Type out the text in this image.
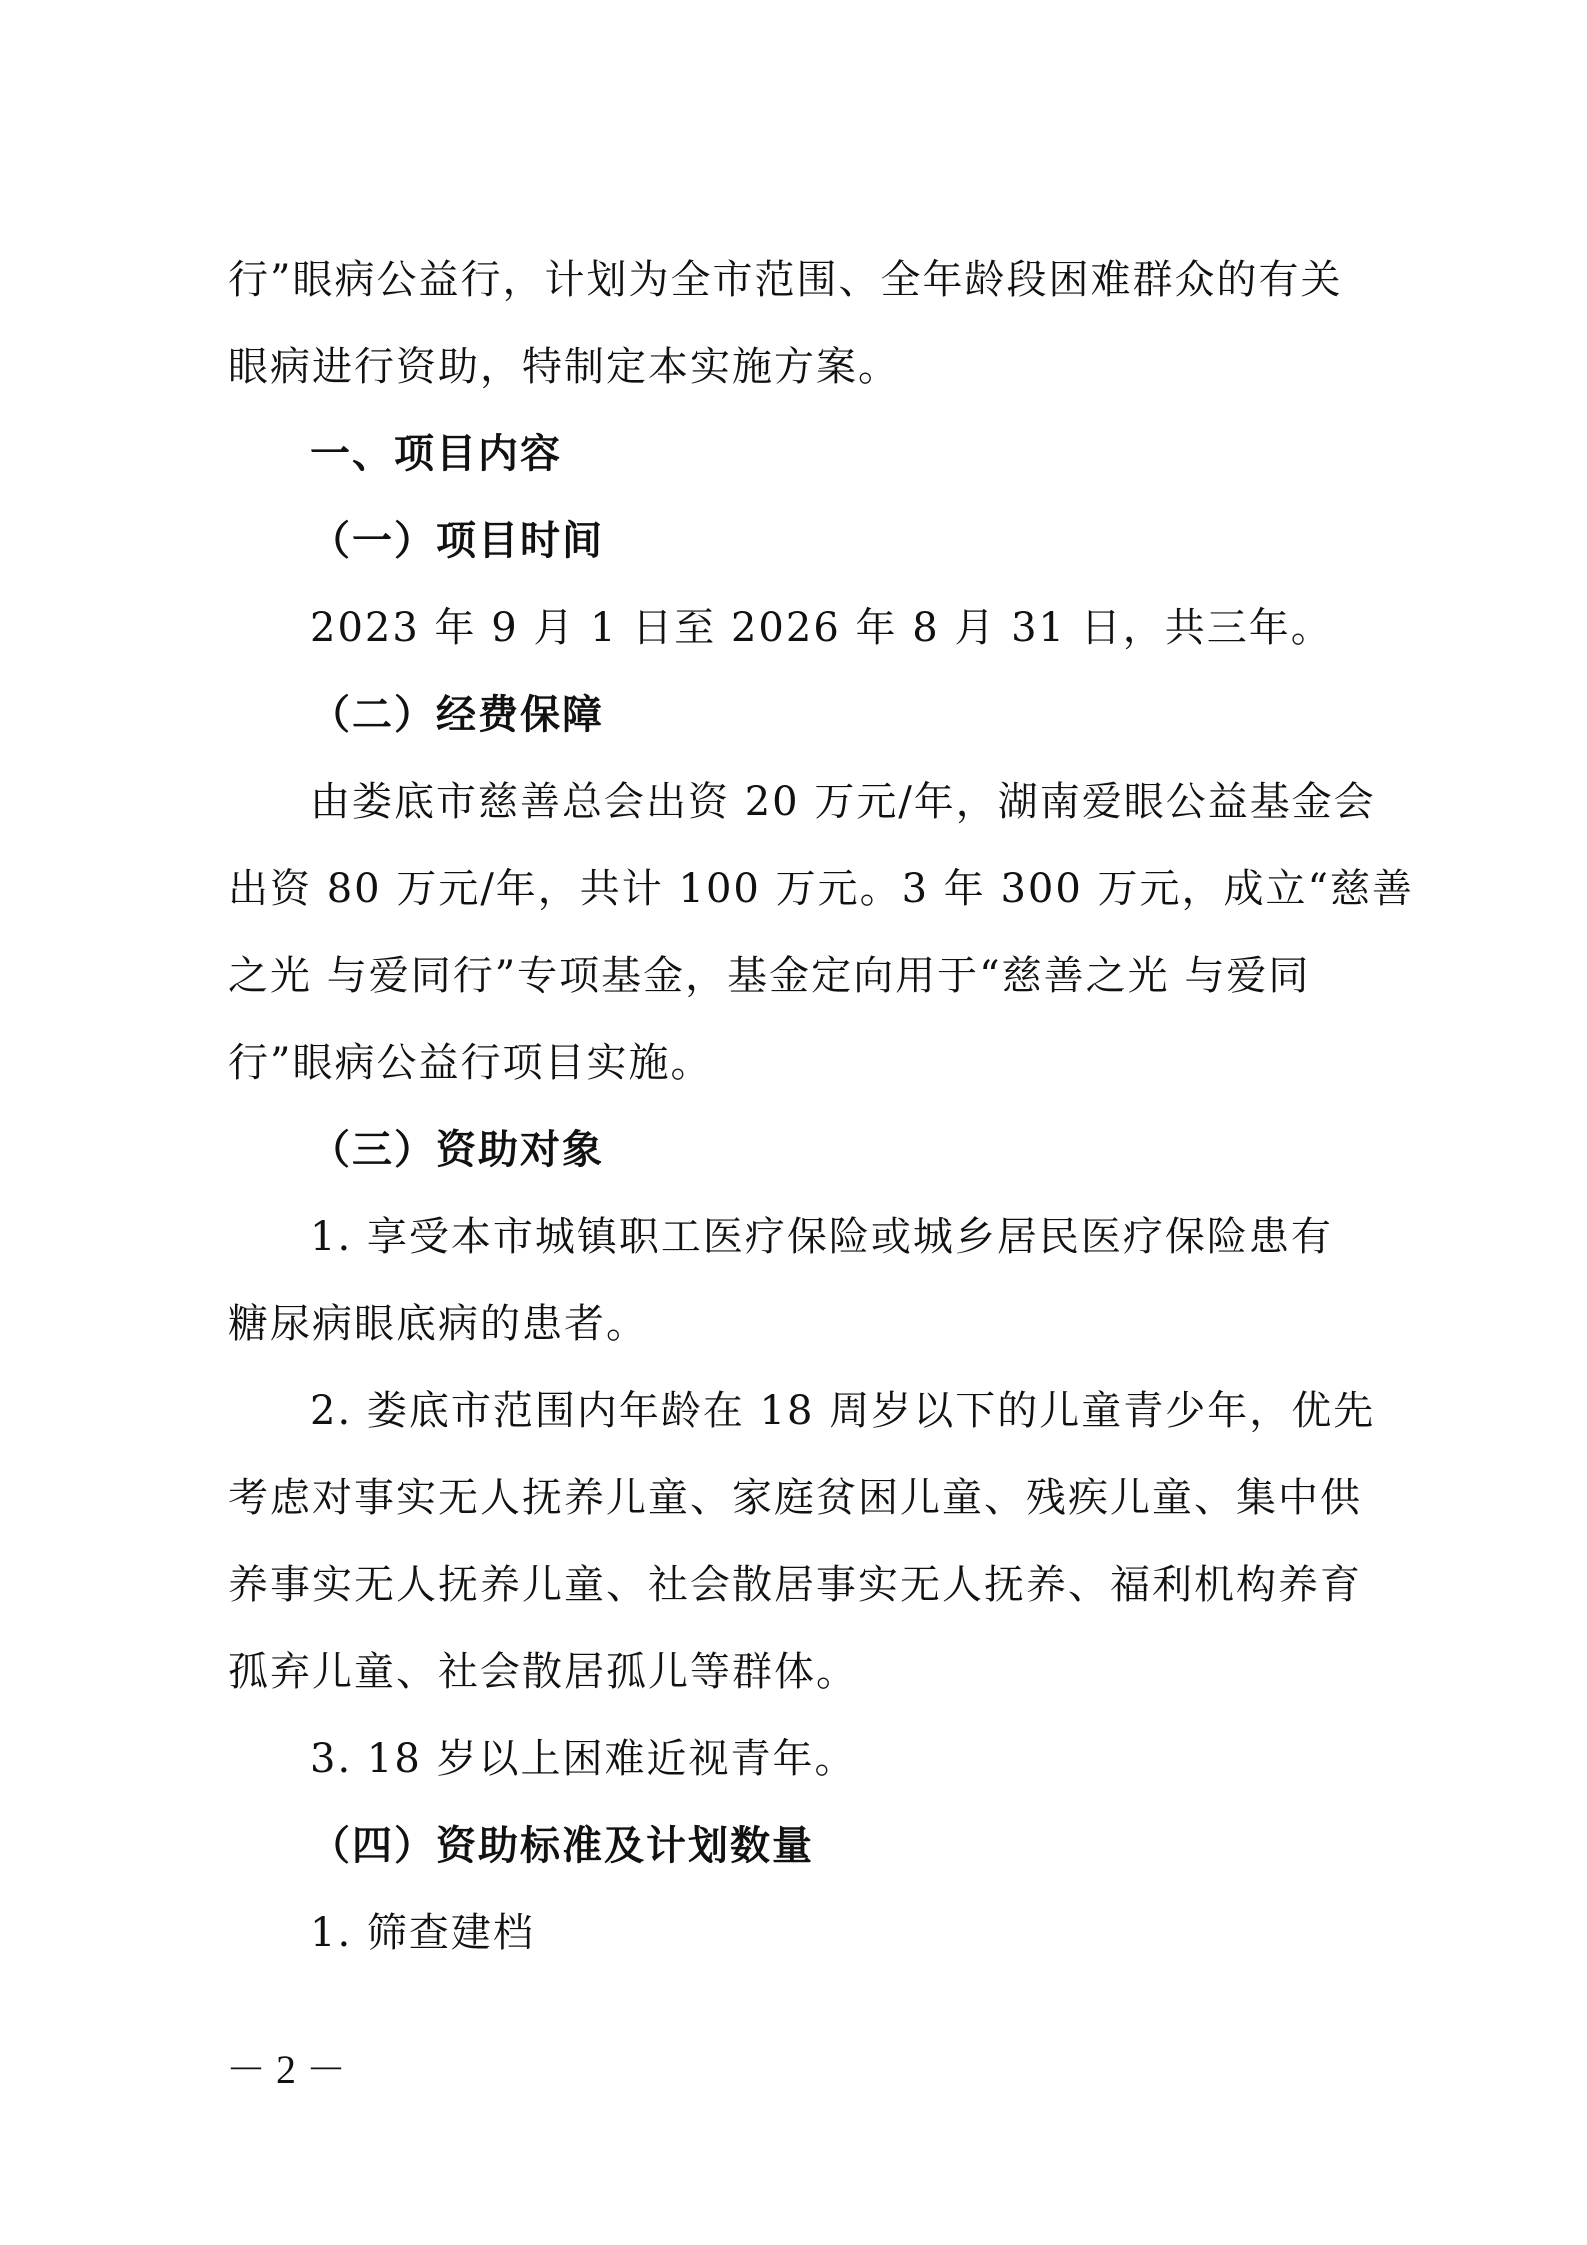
行”眼病公益行，计划为全市范围、全年龄段困难群众的有关
眼病进行资助，特制定本实施方案。
一、项目内容
（一）项目时间
2023 年 9 月 1 日至 2026 年 8 月 31 日，共三年。
（二）经费保障
由娄底市慈善总会出资 20 万元/年，湖南爱眼公益基金会
出资 80 万元/年，共计 100 万元。3 年 300 万元，成立“慈善
之光 与爱同行”专项基金，基金定向用于“慈善之光 与爱同
行”眼病公益行项目实施。
（三）资助对象
1. 享受本市城镇职工医疗保险或城乡居民医疗保险患有
糖尿病眼底病的患者。
2. 娄底市范围内年龄在 18 周岁以下的儿童青少年，优先
考虑对事实无人抚养儿童、家庭贫困儿童、残疾儿童、集中供
养事实无人抚养儿童、社会散居事实无人抚养、福利机构养育
孤弃儿童、社会散居孤儿等群体。
3. 18 岁以上困难近视青年。
（四）资助标准及计划数量
1. 筛查建档
－ 2 －
